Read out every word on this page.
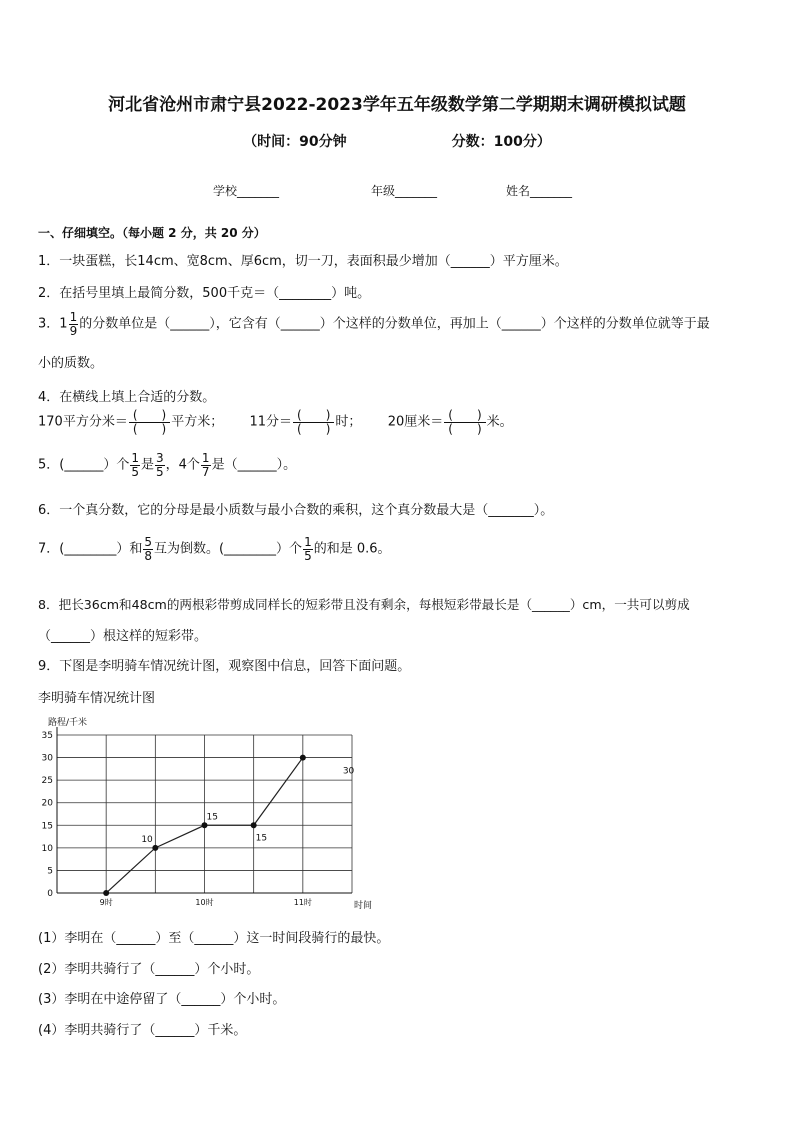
河北省沧州市肃宁县2022-2023学年五年级数学第二学期期末调研模拟试题
（时间：90分钟	分数：100分）
学校_______	年级_______	姓名_______
一、仔细填空。（每小题 2 分，共 20 分）
1．一块蛋糕，长14cm、宽8cm、厚6cm，切一刀，表面积最少增加（______）平方厘米。
2．在括号里填上最简分数，500千克＝（________）吨。
3．$1 \frac{1}{9}$ 的分数单位是（______），它含有（______）个这样的分数单位，再加上（______）个这样的分数单位就等于最
小的质数。
4．在横线上填上合适的分数。
170平方分米＝ $\frac{( )}{( )}$ 平方米； 11分＝ $\frac{( )}{( )}$ 时； 20厘米＝ $\frac{( )}{( )}$ 米。
5．(______）个 $\frac{1}{5}$ 是 $\frac{3}{5}$ ，4个 $\frac{1}{7}$ 是（______）。
6．一个真分数，它的分母是最小质数与最小合数的乘积，这个真分数最大是（_______）。
7．(________）和 $\frac{5}{8}$ 互为倒数。(________）个 $\frac{1}{5}$ 的和是 0.6。
8．把长36cm和48cm的两根彩带剪成同样长的短彩带且没有剩余，每根短彩带最长是（______）cm，一共可以剪成
（______）根这样的短彩带。
9．下图是李明骑车情况统计图，观察图中信息，回答下面问题。
李明骑车情况统计图
路程/千米
时间
0
5
10
15
20
25
30
35
9时	10时	11时
10
15
15
30
(1）李明在（______）至（______）这一时间段骑行的最快。
(2）李明共骑行了（______）个小时。
(3）李明在中途停留了（______）个小时。
(4）李明共骑行了（______）千米。
